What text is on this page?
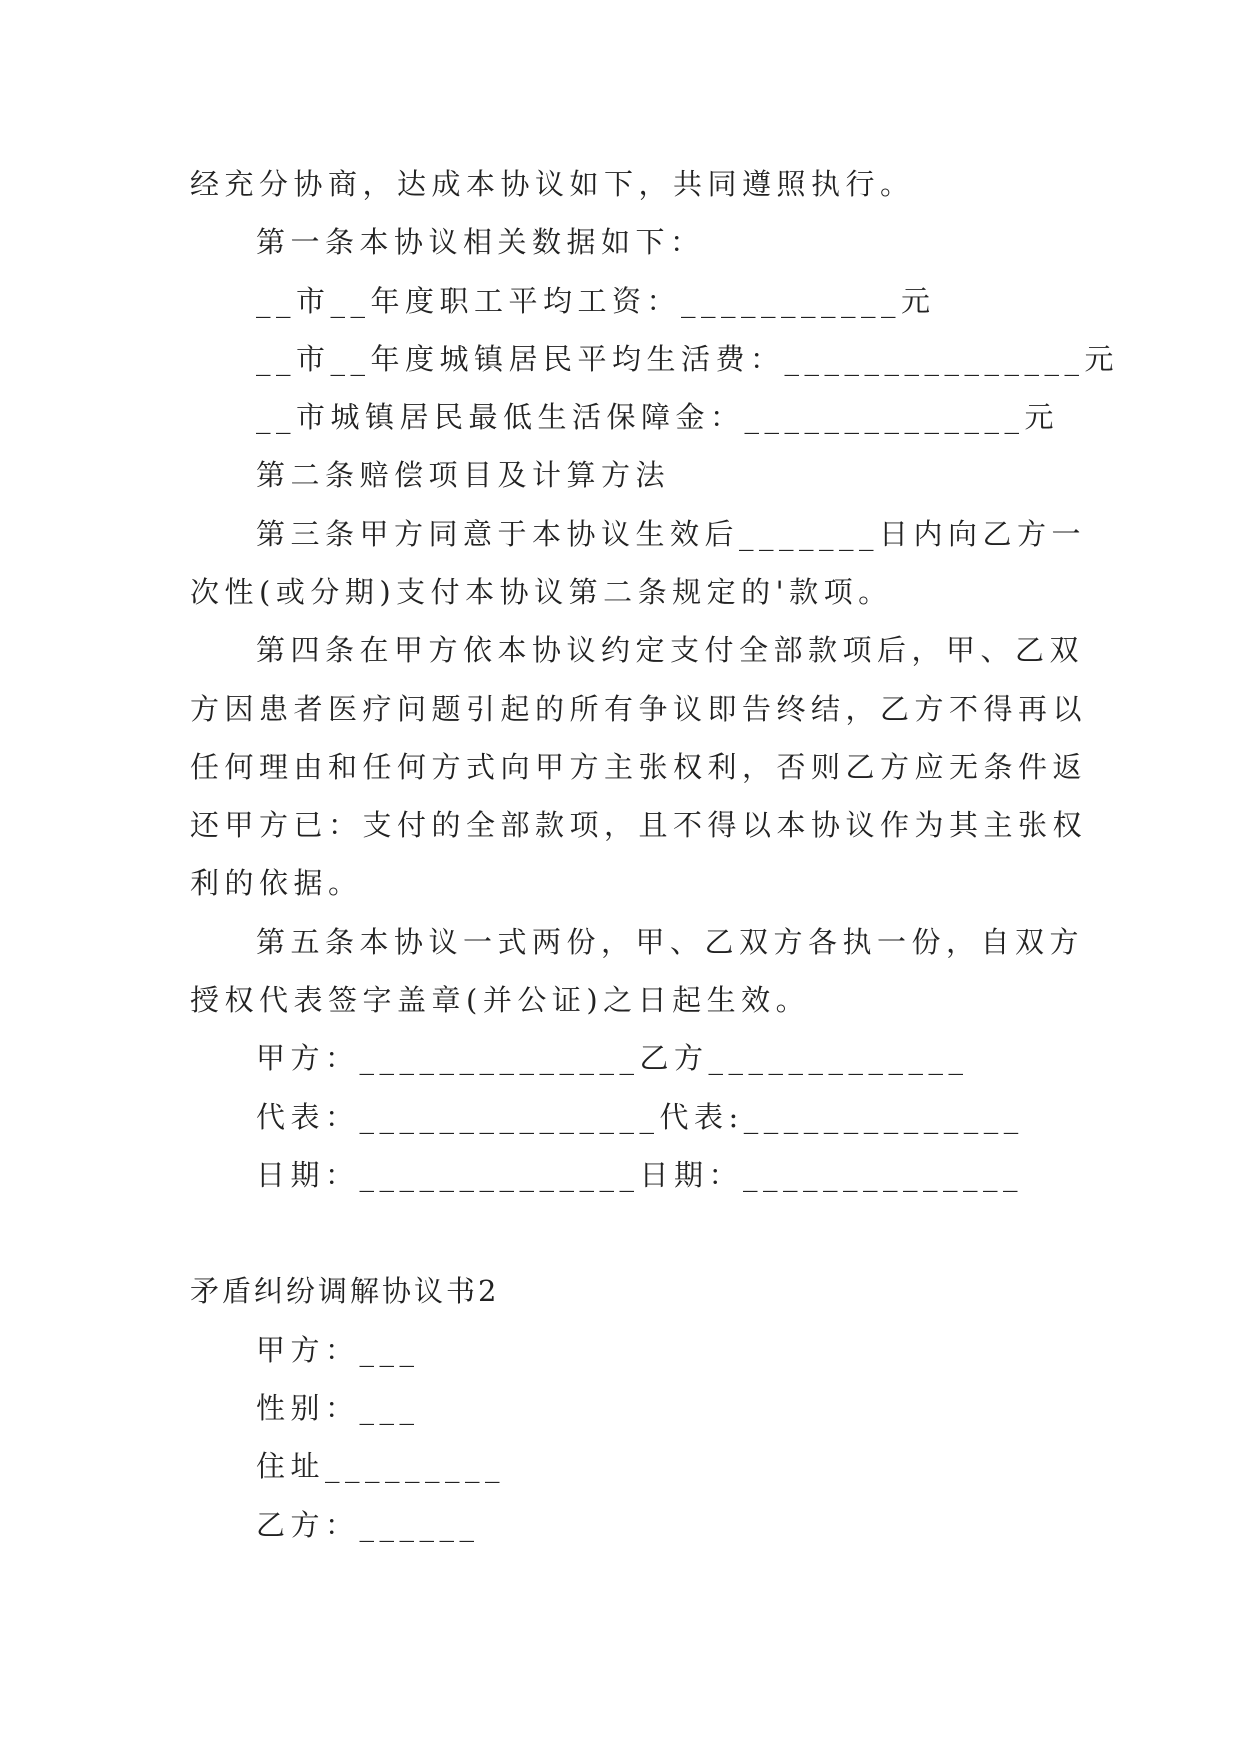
经充分协商，达成本协议如下，共同遵照执行。
第一条本协议相关数据如下：
__市__年度职工平均工资：___________元
__市__年度城镇居民平均生活费：_______________元
__市城镇居民最低生活保障金：______________元
第二条赔偿项目及计算方法
第三条甲方同意于本协议生效后_______日内向乙方一
次性(或分期)支付本协议第二条规定的'款项。
第四条在甲方依本协议约定支付全部款项后，甲、乙双
方因患者医疗问题引起的所有争议即告终结，乙方不得再以
任何理由和任何方式向甲方主张权利，否则乙方应无条件返
还甲方已：支付的全部款项，且不得以本协议作为其主张权
利的依据。
第五条本协议一式两份，甲、乙双方各执一份，自双方
授权代表签字盖章(并公证)之日起生效。
甲方：______________乙方_____________
代表：_______________代表:______________
日期：______________日期：______________
矛盾纠纷调解协议书2
甲方：___
性别：___
住址_________
乙方：______
